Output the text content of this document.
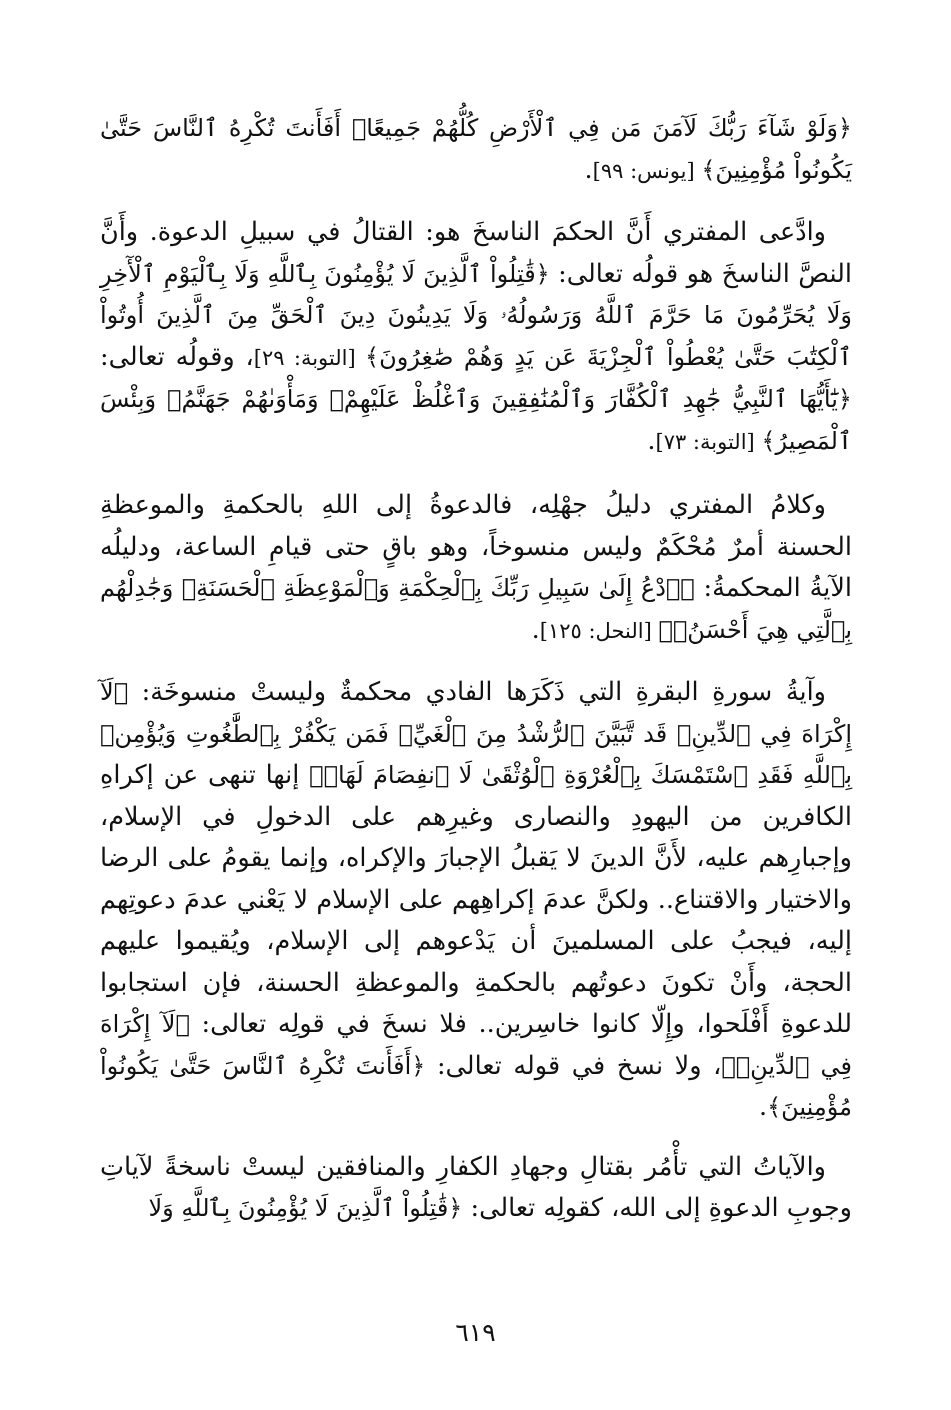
﴿وَلَوْ شَآءَ رَبُّكَ لَآمَنَ مَن فِي ٱلْأَرْضِ كُلُّهُمْ جَمِيعًاۚ أَفَأَنتَ تُكْرِهُ ٱلنَّاسَ حَتَّىٰ يَكُونُواْ مُؤْمِنِينَ﴾ [يونس: ٩٩].

وادَّعى المفتري أَنَّ الحكمَ الناسخَ هو: القتالُ في سبيلِ الدعوة. وأَنَّ النصَّ الناسخَ هو قولُه تعالى: ﴿قَٰتِلُواْ ٱلَّذِينَ لَا يُؤْمِنُونَ بِٱللَّهِ وَلَا بِٱلْيَوْمِ ٱلْأٓخِرِ وَلَا يُحَرِّمُونَ مَا حَرَّمَ ٱللَّهُ وَرَسُولُهُۥ وَلَا يَدِينُونَ دِينَ ٱلْحَقِّ مِنَ ٱلَّذِينَ أُوتُواْ ٱلْكِتَٰبَ حَتَّىٰ يُعْطُواْ ٱلْجِزْيَةَ عَن يَدٍ وَهُمْ صَٰغِرُونَ﴾ [التوبة: ٢٩]، وقولُه تعالى: ﴿يَٰٓأَيُّهَا ٱلنَّبِيُّ جَٰهِدِ ٱلْكُفَّارَ وَٱلْمُنَٰفِقِينَ وَٱغْلُظْ عَلَيْهِمْۚ وَمَأْوَىٰهُمْ جَهَنَّمُۖ وَبِئْسَ ٱلْمَصِيرُ﴾ [التوبة: ٧٣].

وكلامُ المفتري دليلُ جهْلِه، فالدعوةُ إلى اللهِ بالحكمةِ والموعظةِ الحسنة أمرٌ مُحْكَمٌ وليس منسوخاً، وهو باقٍ حتى قيامِ الساعة، ودليلُه الآيةُ المحكمةُ: ﴿ٱدْعُ إِلَىٰ سَبِيلِ رَبِّكَ بِٱلْحِكْمَةِ وَٱلْمَوْعِظَةِ ٱلْحَسَنَةِۖ وَجَٰدِلْهُم بِٱلَّتِي هِيَ أَحْسَنُۚ﴾ [النحل: ١٢٥].

وآيةُ سورةِ البقرةِ التي ذَكَرَها الفادي محكمةٌ وليستْ منسوخَة: ﴿لَآ إِكْرَاهَ فِي ٱلدِّينِۖ قَد تَّبَيَّنَ ٱلرُّشْدُ مِنَ ٱلْغَيِّۚ فَمَن يَكْفُرْ بِٱلطَّٰغُوتِ وَيُؤْمِنۢ بِٱللَّهِ فَقَدِ ٱسْتَمْسَكَ بِٱلْعُرْوَةِ ٱلْوُثْقَىٰ لَا ٱنفِصَامَ لَهَاۗ﴾ إنها تنهى عن إكراهِ الكافرين من اليهودِ والنصارى وغيرِهم على الدخولِ في الإسلام، وإجبارِهم عليه، لأَنَّ الدينَ لا يَقبلُ الإجبارَ والإكراه، وإنما يقومُ على الرضا والاختيار والاقتناع.. ولكنَّ عدمَ إكراهِهم على الإسلام لا يَعْني عدمَ دعوتِهم إليه، فيجبُ على المسلمينَ أن يَدْعوهم إلى الإسلام، ويُقيموا عليهم الحجة، وأَنْ تكونَ دعوتُهم بالحكمةِ والموعظةِ الحسنة، فإن استجابوا للدعوةِ أَفْلَحوا، وإِلّا كانوا خاسِرين.. فلا نسخَ في قولِه تعالى: ﴿لَآ إِكْرَاهَ فِي ٱلدِّينِۖ﴾، ولا نسخ في قوله تعالى: ﴿أَفَأَنتَ تُكْرِهُ ٱلنَّاسَ حَتَّىٰ يَكُونُواْ مُؤْمِنِينَ﴾.

والآياتُ التي تأْمُر بقتالِ وجهادِ الكفارِ والمنافقين ليستْ ناسخةً لآياتِ وجوبِ الدعوةِ إلى الله، كقولِه تعالى: ﴿قَٰتِلُواْ ٱلَّذِينَ لَا يُؤْمِنُونَ بِٱللَّهِ وَلَا

٦١٩
